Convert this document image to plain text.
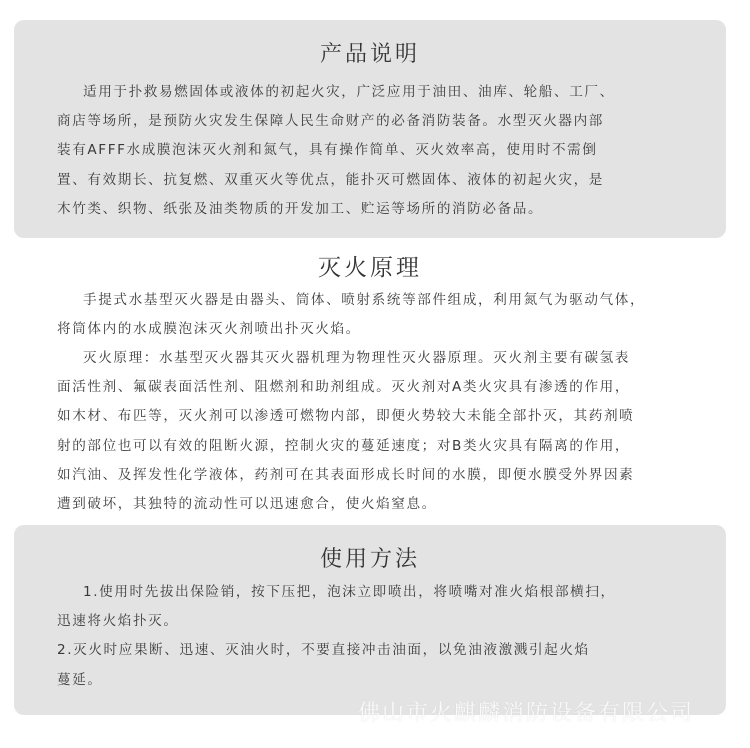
产品说明
适用于扑救易燃固体或液体的初起火灾，广泛应用于油田、油库、轮船、工厂、
商店等场所，是预防火灾发生保障人民生命财产的必备消防装备。水型灭火器内部
装有AFFF水成膜泡沫灭火剂和氮气，具有操作简单、灭火效率高，使用时不需倒
置、有效期长、抗复燃、双重灭火等优点，能扑灭可燃固体、液体的初起火灾，是
木竹类、织物、纸张及油类物质的开发加工、贮运等场所的消防必备品。
灭火原理
手提式水基型灭火器是由器头、筒体、喷射系统等部件组成，利用氮气为驱动气体，
将筒体内的水成膜泡沫灭火剂喷出扑灭火焰。
灭火原理：水基型灭火器其灭火器机理为物理性灭火器原理。灭火剂主要有碳氢表
面活性剂、氟碳表面活性剂、阻燃剂和助剂组成。灭火剂对A类火灾具有渗透的作用，
如木材、布匹等，灭火剂可以渗透可燃物内部，即便火势较大未能全部扑灭，其药剂喷
射的部位也可以有效的阻断火源，控制火灾的蔓延速度；对B类火灾具有隔离的作用，
如汽油、及挥发性化学液体，药剂可在其表面形成长时间的水膜，即便水膜受外界因素
遭到破坏，其独特的流动性可以迅速愈合，使火焰窒息。
使用方法
1.使用时先拔出保险销，按下压把，泡沫立即喷出，将喷嘴对准火焰根部横扫，
迅速将火焰扑灭。
2.灭火时应果断、迅速、灭油火时，不要直接冲击油面，以免油液激溅引起火焰
蔓延。
佛山市火麒麟消防设备有限公司
